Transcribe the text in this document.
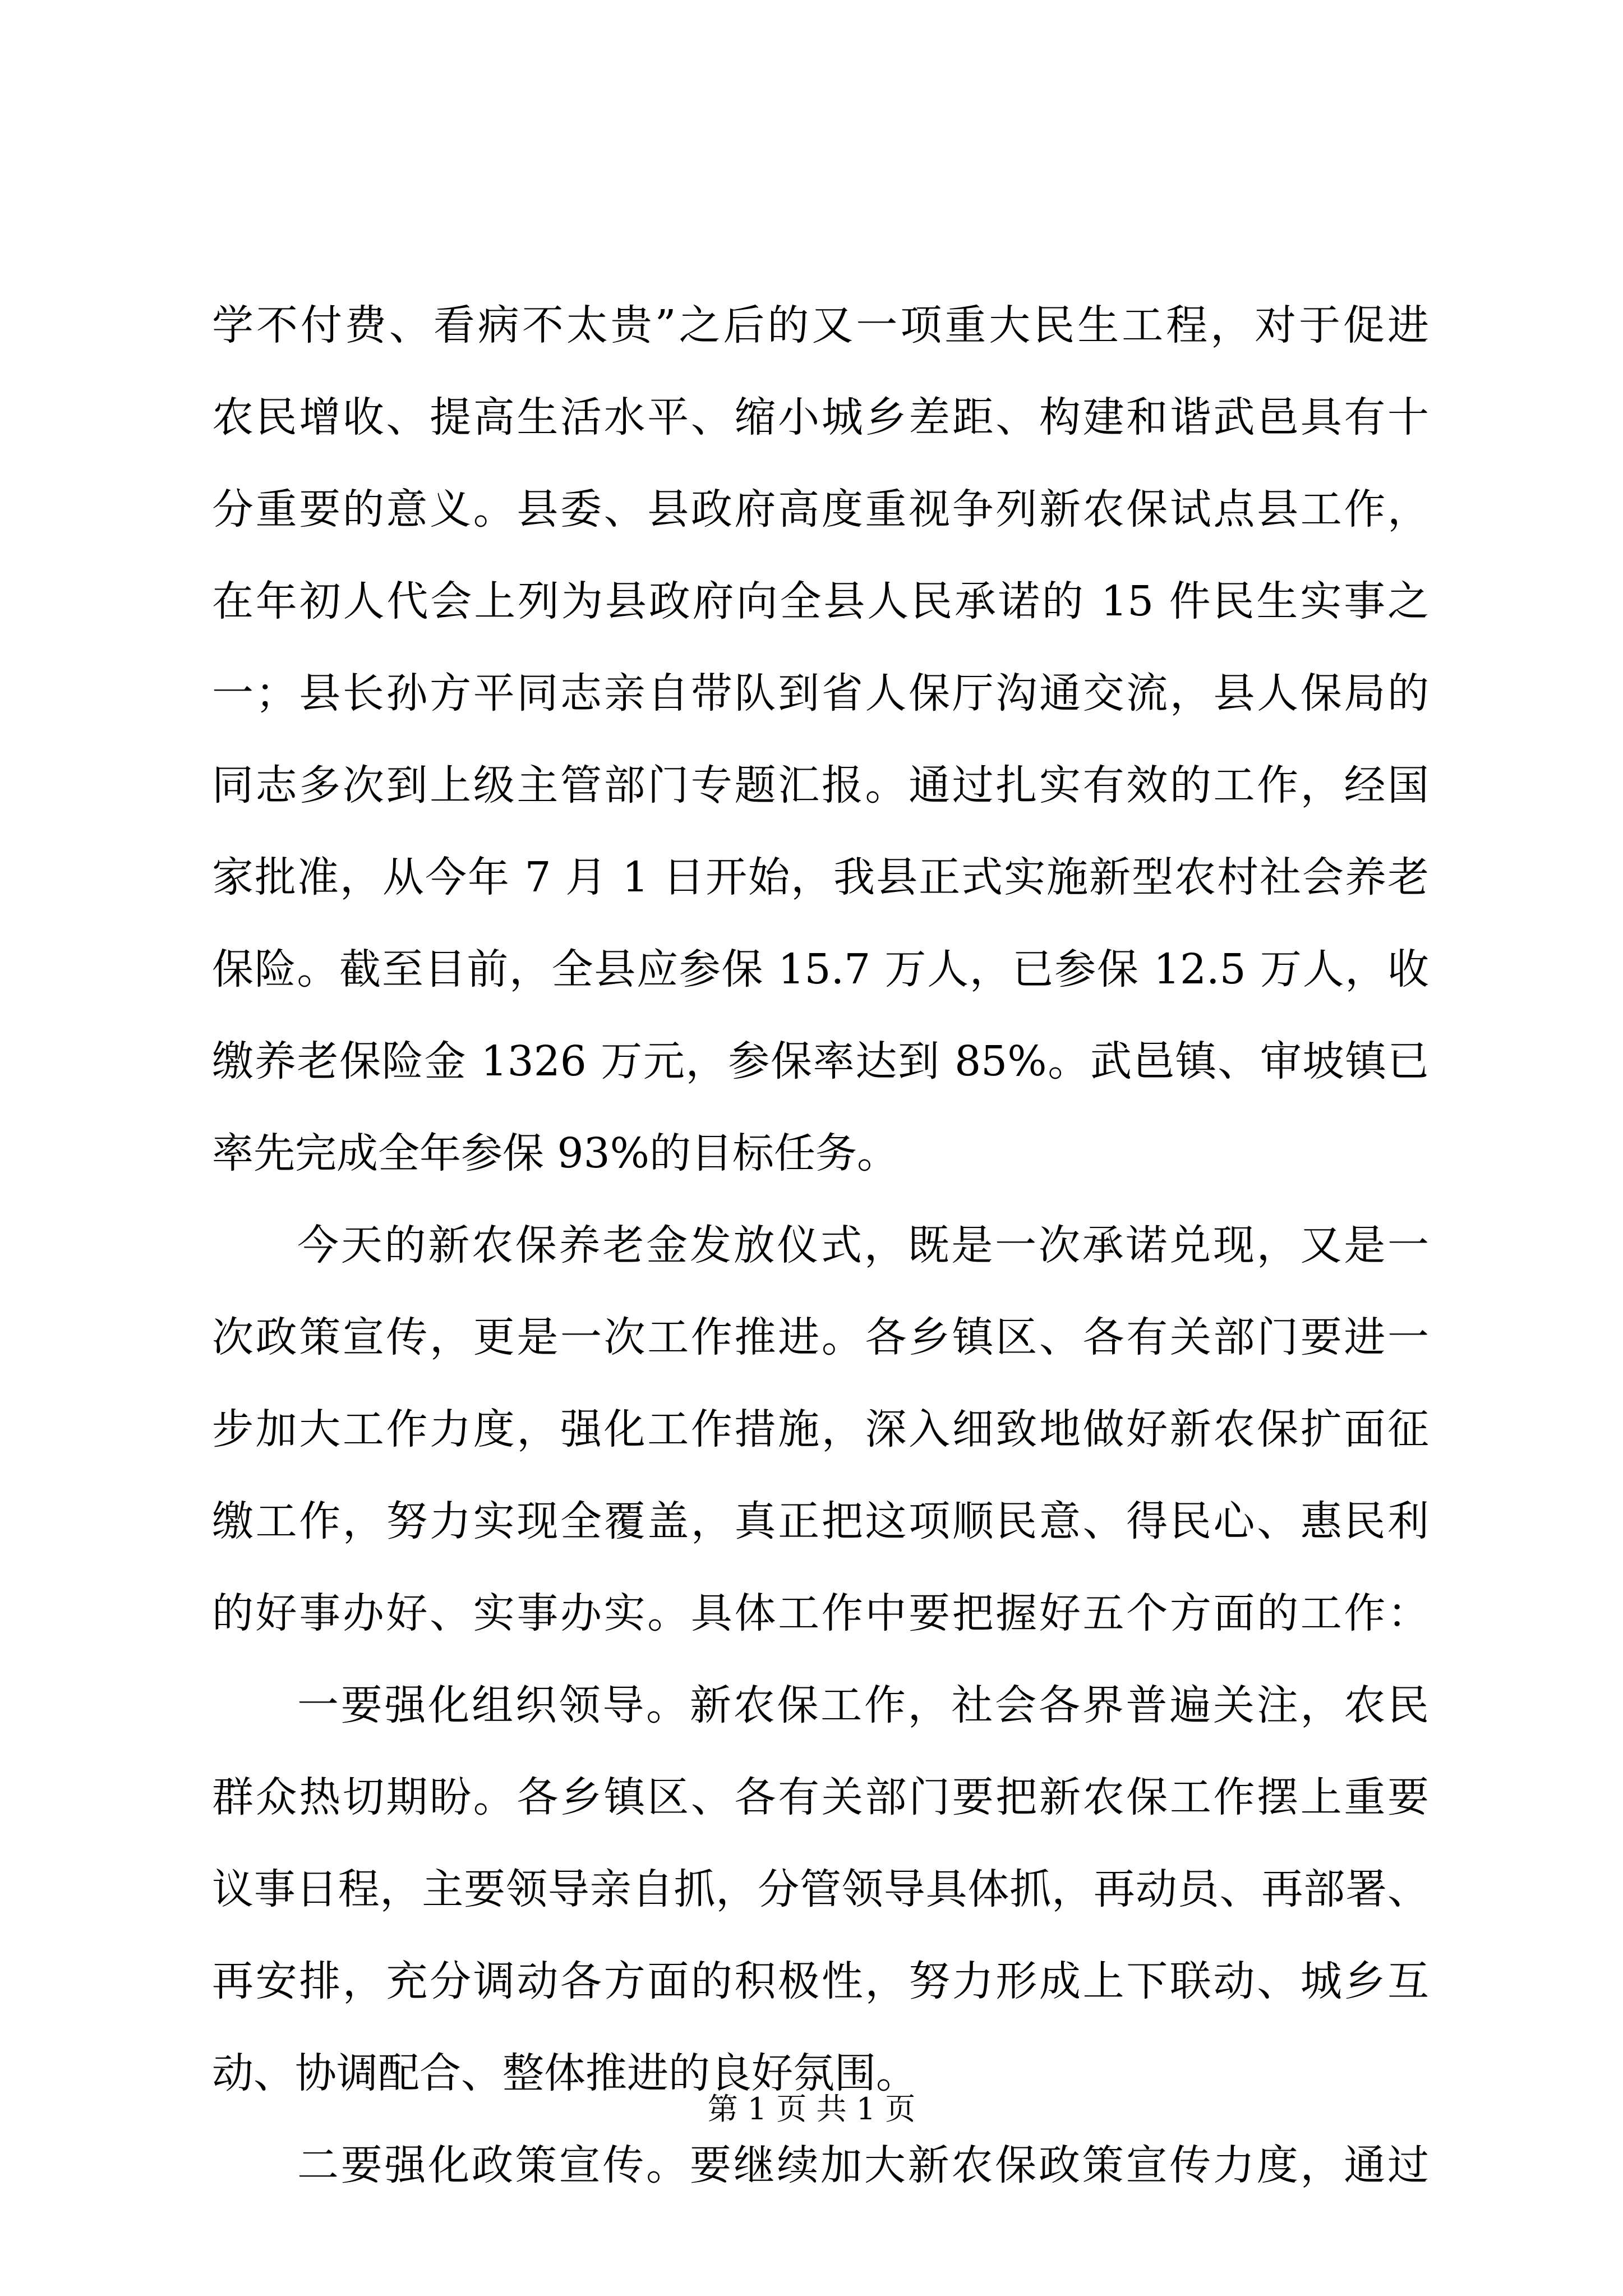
学不付费、看病不太贵”之后的又一项重大民生工程，对于促进
农民增收、提高生活水平、缩小城乡差距、构建和谐武邑具有十
分重要的意义。县委、县政府高度重视争列新农保试点县工作，
在年初人代会上列为县政府向全县人民承诺的 15 件民生实事之
一；县长孙方平同志亲自带队到省人保厅沟通交流，县人保局的
同志多次到上级主管部门专题汇报。通过扎实有效的工作，经国
家批准，从今年 7 月 1 日开始，我县正式实施新型农村社会养老
保险。截至目前，全县应参保 15.7 万人，已参保 12.5 万人，收
缴养老保险金 1326 万元，参保率达到 85%。武邑镇、审坡镇已
率先完成全年参保 93%的目标任务。
今天的新农保养老金发放仪式，既是一次承诺兑现，又是一
次政策宣传，更是一次工作推进。各乡镇区、各有关部门要进一
步加大工作力度，强化工作措施，深入细致地做好新农保扩面征
缴工作，努力实现全覆盖，真正把这项顺民意、得民心、惠民利
的好事办好、实事办实。具体工作中要把握好五个方面的工作：
一要强化组织领导。新农保工作，社会各界普遍关注，农民
群众热切期盼。各乡镇区、各有关部门要把新农保工作摆上重要
议事日程，主要领导亲自抓，分管领导具体抓，再动员、再部署、
再安排，充分调动各方面的积极性，努力形成上下联动、城乡互
动、协调配合、整体推进的良好氛围。
二要强化政策宣传。要继续加大新农保政策宣传力度，通过
第 1 页 共 1 页
